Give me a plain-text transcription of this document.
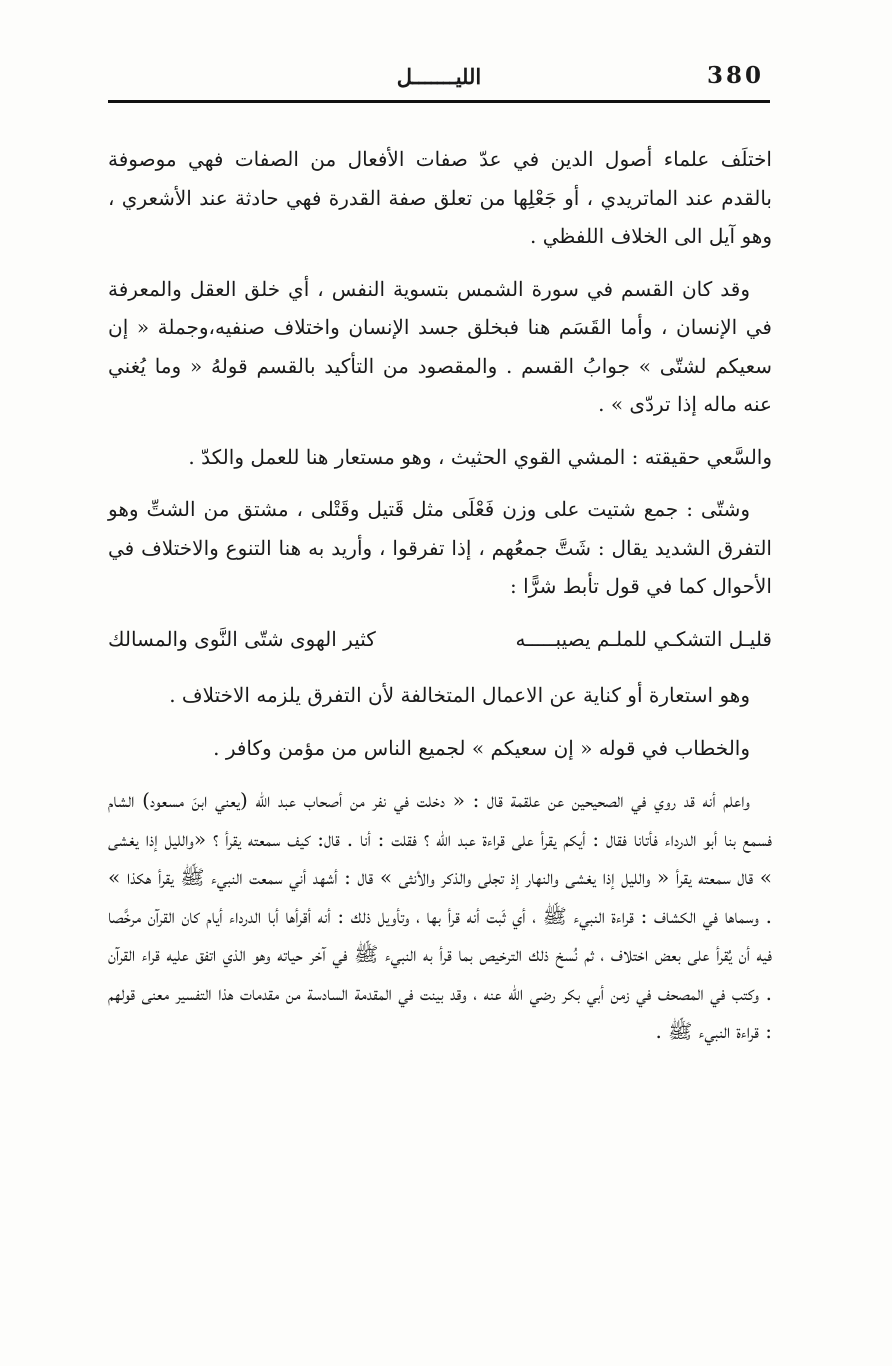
380
الليـــــــل

اختلَف علماء أصول الدين في عدّ صفات الأفعال من الصفات فهي موصوفة بالقدم عند الماتريدي ، أو جَعْلِها من تعلق صفة القدرة فهي حادثة عند الأشعري ، وهو آيل الى الخلاف اللفظي .

وقد كان القسم في سورة الشمس بتسوية النفس ، أي خلق العقل والمعرفة في الإنسان ، وأما القَسَم هنا فبخلق جسد الإنسان واختلاف صنفيه،وجملة « إن سعيكم لشتّى » جوابُ القسم . والمقصود من التأكيد بالقسم قولهُ « وما يُغني عنه ماله إذا تردّى » .

والسَّعي حقيقته : المشي القوي الحثيث ، وهو مستعار هنا للعمل والكدّ .

وشتّى : جمع شتيت على وزن فَعْلَى مثل قَتيل وقَتْلى ، مشتق من الشتِّ وهو التفرق الشديد يقال : شَتَّ جمعُهم ، إذا تفرقوا ، وأريد به هنا التنوع والاختلاف في الأحوال كما في قول تأبط شرًّا :

قليـل التشكـي للملـم يصيبـــــه
كثير الهوى شتّى النَّوى والمسالك

وهو استعارة أو كناية عن الاعمال المتخالفة لأن التفرق يلزمه الاختلاف .

والخطاب في قوله « إن سعيكم » لجميع الناس من مؤمن وكافر .

واعلم أنه قد روي في الصحيحين عن علقمة قال : « دخلت في نفر من أصحاب عبد الله (يعني ابنَ مسعود) الشام فسمع بنا أبو الدرداء فأتانا فقال : أيكم يقرأ على قراءة عبد الله ؟ فقلت : أنا . قال: كيف سمعته يقرأ ؟ «والليل إذا يغشى » قال سمعته يقرأ « والليل إذا يغشى والنهار إذ تجلى والذكر والأنثى » قال : أشهد أني سمعت النبيء ﷺ يقرأ هكذا » . وسماها في الكشاف : قراءة النبيء ﷺ ، أي ثَبت أنه قرأ بها ، وتأويل ذلك : أنه أقرأها أبا الدرداء أيام كان القرآن مرخَّصا فيه أن يُقرأ على بعض اختلاف ، ثم نُسخ ذلك الترخيص بما قرأ به النبيء ﷺ في آخر حياته وهو الذي اتفق عليه قراء القرآن . وكتب في المصحف في زمن أبي بكر رضي الله عنه ، وقد بينت في المقدمة السادسة من مقدمات هذا التفسير معنى قولهم : قراءة النبيء ﷺ .
